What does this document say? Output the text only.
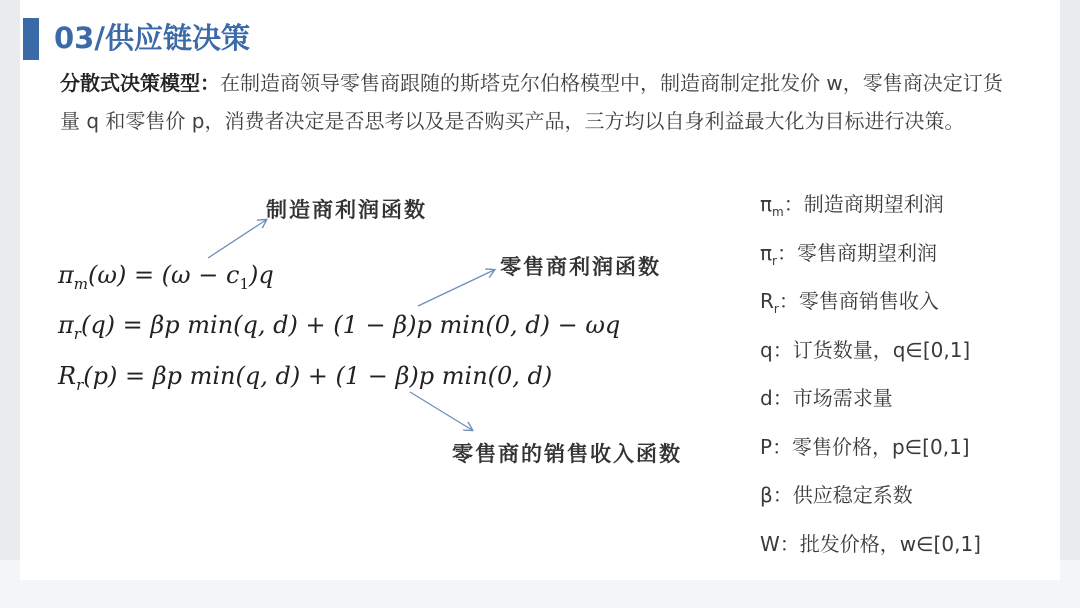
03/供应链决策
分散式决策模型：在制造商领导零售商跟随的斯塔克尔伯格模型中，制造商制定批发价 w，零售商决定订货量 q 和零售价 p，消费者决定是否思考以及是否购买产品，三方均以自身利益最大化为目标进行决策。
制造商利润函数
零售商利润函数
零售商的销售收入函数
$\pi_m(\omega) = (\omega - c_1)q$
$\pi_r(q) = \beta p$ min(q, d) + (1 − β)p min(0, d) − ωq
$R_r(p) = \beta p$ min(q, d) + (1 − β)p min(0, d)
$\pi_m$：制造商期望利润
$\pi_r$：零售商期望利润
$R_r$：零售商销售收入
q：订货数量，q∈[0,1]
d：市场需求量
P：零售价格，p∈[0,1]
β：供应稳定系数
W：批发价格，w∈[0,1]
